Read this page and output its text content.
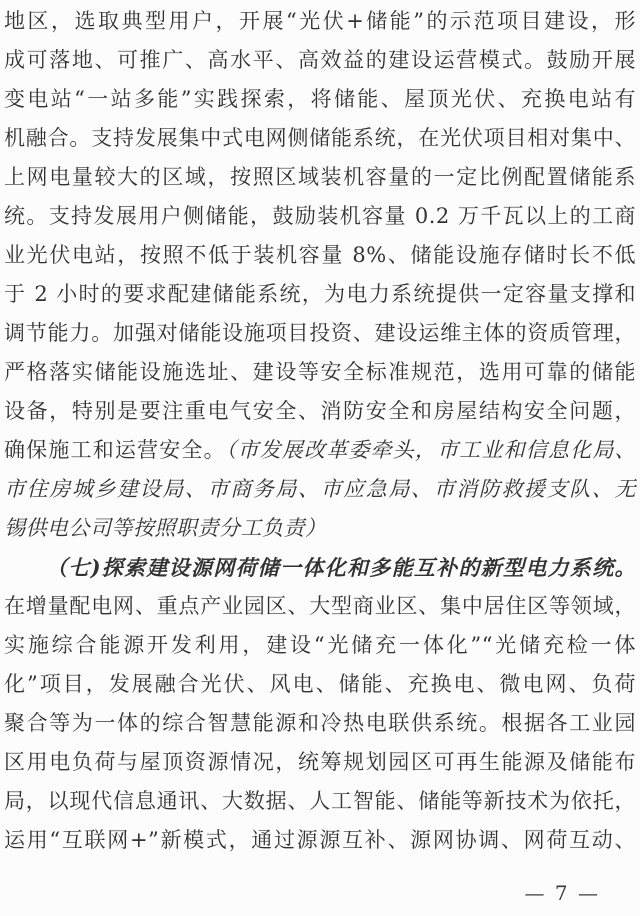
地区，选取典型用户，开展“光伏+储能”的示范项目建设，形
成可落地、可推广、高水平、高效益的建设运营模式。鼓励开展
变电站“一站多能”实践探索，将储能、屋顶光伏、充换电站有
机融合。支持发展集中式电网侧储能系统，在光伏项目相对集中、
上网电量较大的区域，按照区域装机容量的一定比例配置储能系
统。支持发展用户侧储能，鼓励装机容量 0.2 万千瓦以上的工商
业光伏电站，按照不低于装机容量 8%、储能设施存储时长不低
于 2 小时的要求配建储能系统，为电力系统提供一定容量支撑和
调节能力。加强对储能设施项目投资、建设运维主体的资质管理，
严格落实储能设施选址、建设等安全标准规范，选用可靠的储能
设备，特别是要注重电气安全、消防安全和房屋结构安全问题，
确保施工和运营安全。（市发展改革委牵头，市工业和信息化局、
市住房城乡建设局、市商务局、市应急局、市消防救援支队、无
锡供电公司等按照职责分工负责）
（七)探索建设源网荷储一体化和多能互补的新型电力系统。
在增量配电网、重点产业园区、大型商业区、集中居住区等领域，
实施综合能源开发利用，建设“光储充一体化”“光储充检一体
化”项目，发展融合光伏、风电、储能、充换电、微电网、负荷
聚合等为一体的综合智慧能源和冷热电联供系统。根据各工业园
区用电负荷与屋顶资源情况，统筹规划园区可再生能源及储能布
局，以现代信息通讯、大数据、人工智能、储能等新技术为依托，
运用“互联网+”新模式，通过源源互补、源网协调、网荷互动、
— 7 —
